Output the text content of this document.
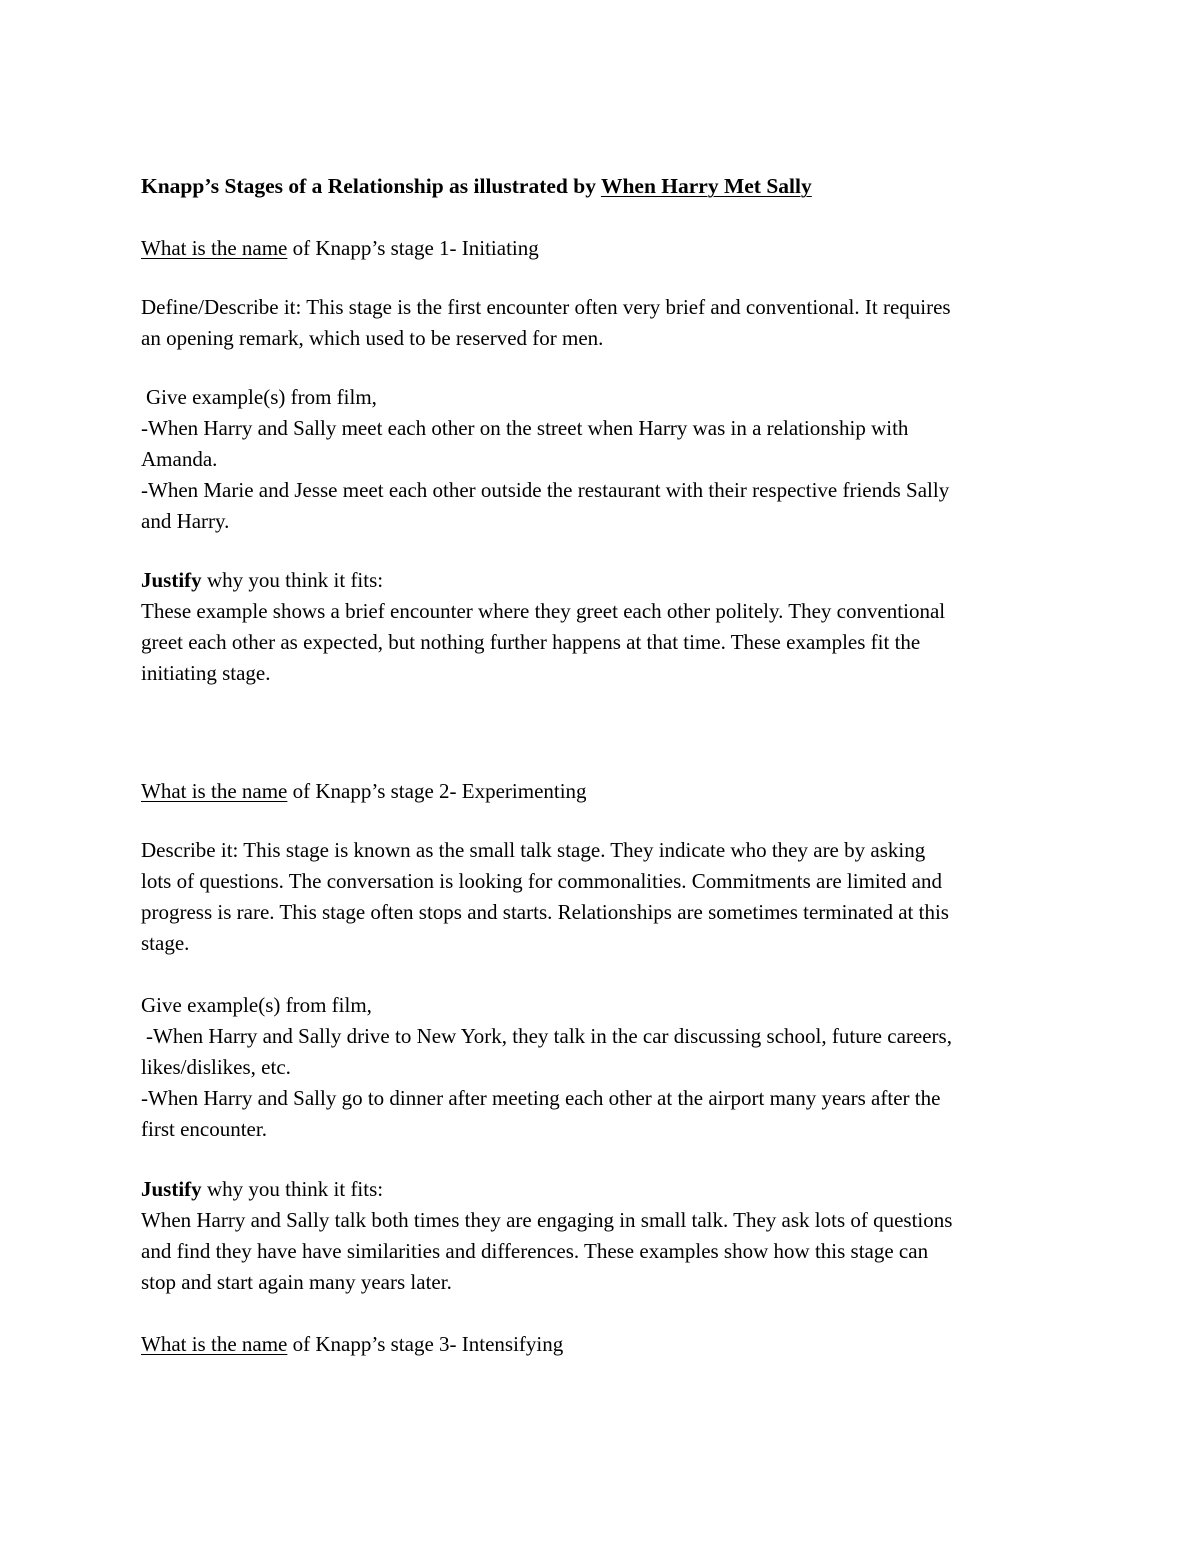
Knapp’s Stages of a Relationship as illustrated by When Harry Met Sally

What is the name of Knapp’s stage 1- Initiating

Define/Describe it: This stage is the first encounter often very brief and conventional. It requires

an opening remark, which used to be reserved for men.

Give example(s) from film,

-When Harry and Sally meet each other on the street when Harry was in a relationship with

Amanda.

-When Marie and Jesse meet each other outside the restaurant with their respective friends Sally

and Harry.

Justify why you think it fits:

These example shows a brief encounter where they greet each other politely. They conventional

greet each other as expected, but nothing further happens at that time. These examples fit the

initiating stage.

What is the name of Knapp’s stage 2- Experimenting

Describe it: This stage is known as the small talk stage. They indicate who they are by asking

lots of questions. The conversation is looking for commonalities. Commitments are limited and

progress is rare. This stage often stops and starts. Relationships are sometimes terminated at this

stage.

Give example(s) from film,

-When Harry and Sally drive to New York, they talk in the car discussing school, future careers,

likes/dislikes, etc.

-When Harry and Sally go to dinner after meeting each other at the airport many years after the

first encounter.

Justify why you think it fits:

When Harry and Sally talk both times they are engaging in small talk. They ask lots of questions

and find they have have similarities and differences. These examples show how this stage can

stop and start again many years later.

What is the name of Knapp’s stage 3- Intensifying
